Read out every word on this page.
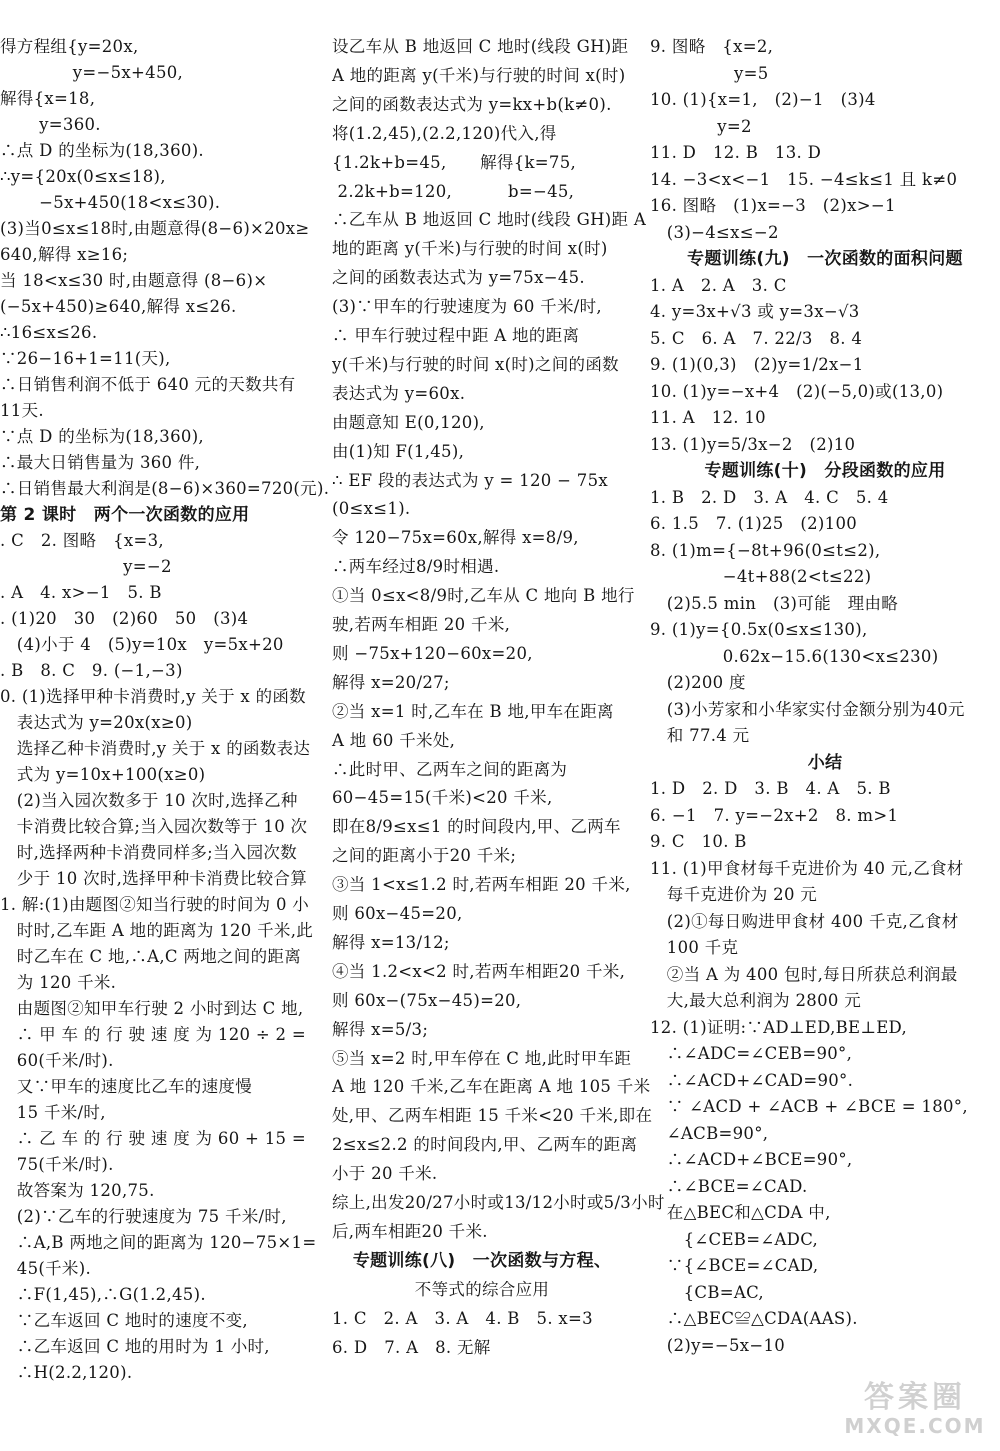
得方程组{y=20x,
　　　　 y=−5x+450,
解得{x=18,
　　 y=360.
∴点 D 的坐标为(18,360).
∴y={20x(0≤x≤18),
　　 −5x+450(18<x≤30).
(3)当0≤x≤18时,由题意得(8−6)×20x≥
640,解得 x≥16;
当 18<x≤30 时,由题意得 (8−6)×
(−5x+450)≥640,解得 x≤26.
∴16≤x≤26.
∵26−16+1=11(天),
∴日销售利润不低于 640 元的天数共有
11天.
∵点 D 的坐标为(18,360),
∴最大日销售量为 360 件,
∴日销售最大利润是(8−6)×360=720(元).
第 2 课时　两个一次函数的应用
. C　2. 图略　{x=3,
　　　　　　　 y=−2
. A　4. x>−1　5. B
. (1)20　30　(2)60　50　(3)4
　(4)小于 4　(5)y=10x　y=5x+20
. B　8. C　9. (−1,−3)
0. (1)选择甲种卡消费时,y 关于 x 的函数
　表达式为 y=20x(x≥0)
　选择乙种卡消费时,y 关于 x 的函数表达
　式为 y=10x+100(x≥0)
　(2)当入园次数多于 10 次时,选择乙种
　卡消费比较合算;当入园次数等于 10 次
　时,选择两种卡消费同样多;当入园次数
　少于 10 次时,选择甲种卡消费比较合算
1. 解:(1)由题图②知当行驶的时间为 0 小
　时时,乙车距 A 地的距离为 120 千米,此
　时乙车在 C 地,∴A,C 两地之间的距离
　为 120 千米.
　由题图②知甲车行驶 2 小时到达 C 地,
　∴ 甲 车 的 行 驶 速 度 为 120 ÷ 2 =
　60(千米/时).
　又∵甲车的速度比乙车的速度慢
　15 千米/时,
　∴ 乙 车 的 行 驶 速 度 为 60 + 15 =
　75(千米/时).
　故答案为 120,75.
　(2)∵乙车的行驶速度为 75 千米/时,
　∴A,B 两地之间的距离为 120−75×1=
　45(千米).
　∴F(1,45),∴G(1.2,45).
　∵乙车返回 C 地时的速度不变,
　∴乙车返回 C 地的用时为 1 小时,
　∴H(2.2,120).
设乙车从 B 地返回 C 地时(线段 GH)距
A 地的距离 y(千米)与行驶的时间 x(时)
之间的函数表达式为 y=kx+b(k≠0).
将(1.2,45),(2.2,120)代入,得
{1.2k+b=45,　　解得{k=75,
2.2k+b=120,　　　 b=−45,
∴乙车从 B 地返回 C 地时(线段 GH)距 A
地的距离 y(千米)与行驶的时间 x(时)
之间的函数表达式为 y=75x−45.
(3)∵甲车的行驶速度为 60 千米/时,
∴ 甲车行驶过程中距 A 地的距离
y(千米)与行驶的时间 x(时)之间的函数
表达式为 y=60x.
由题意知 E(0,120),
由(1)知 F(1,45),
∴ EF 段的表达式为 y = 120 − 75x
(0≤x≤1).
令 120−75x=60x,解得 x=8/9,
∴两车经过8/9时相遇.
①当 0≤x<8/9时,乙车从 C 地向 B 地行
驶,若两车相距 20 千米,
则 −75x+120−60x=20,
解得 x=20/27;
②当 x=1 时,乙车在 B 地,甲车在距离
A 地 60 千米处,
∴此时甲、乙两车之间的距离为
60−45=15(千米)<20 千米,
即在8/9≤x≤1 的时间段内,甲、乙两车
之间的距离小于20 千米;
③当 1<x≤1.2 时,若两车相距 20 千米,
则 60x−45=20,
解得 x=13/12;
④当 1.2<x<2 时,若两车相距20 千米,
则 60x−(75x−45)=20,
解得 x=5/3;
⑤当 x=2 时,甲车停在 C 地,此时甲车距
A 地 120 千米,乙车在距离 A 地 105 千米
处,甲、乙两车相距 15 千米<20 千米,即在
2≤x≤2.2 的时间段内,甲、乙两车的距离
小于 20 千米.
综上,出发20/27小时或13/12小时或5/3小时
后,两车相距20 千米.
专题训练(八)　一次函数与方程、
不等式的综合应用
1. C　2. A　3. A　4. B　5. x=3
6. D　7. A　8. 无解
9. 图略　{x=2,
　　　　　y=5
10. (1){x=1,　(2)−1　(3)4
　　　　y=2
11. D　12. B　13. D
14. −3<x<−1　15. −4≤k≤1 且 k≠0
16. 图略　(1)x=−3　(2)x>−1
　(3)−4≤x≤−2
专题训练(九)　一次函数的面积问题
1. A　2. A　3. C
4. y=3x+√3 或 y=3x−√3
5. C　6. A　7. 22/3　8. 4
9. (1)(0,3)　(2)y=1/2x−1
10. (1)y=−x+4　(2)(−5,0)或(13,0)
11. A　12. 10
13. (1)y=5/3x−2　(2)10
专题训练(十)　分段函数的应用
1. B　2. D　3. A　4. C　5. 4
6. 1.5　7. (1)25　(2)100
8. (1)m={−8t+96(0≤t≤2),
　　　　 −4t+88(2<t≤22)
　(2)5.5 min　(3)可能　理由略
9. (1)y={0.5x(0≤x≤130),
　　　　 0.62x−15.6(130<x≤230)
　(2)200 度
　(3)小芳家和小华家实付金额分别为40元
　和 77.4 元
小结
1. D　2. D　3. B　4. A　5. B
6. −1　7. y=−2x+2　8. m>1
9. C　10. B
11. (1)甲食材每千克进价为 40 元,乙食材
　每千克进价为 20 元
　(2)①每日购进甲食材 400 千克,乙食材
　100 千克
　②当 A 为 400 包时,每日所获总利润最
　大,最大总利润为 2800 元
12. (1)证明:∵AD⊥ED,BE⊥ED,
　∴∠ADC=∠CEB=90°,
　∴∠ACD+∠CAD=90°.
　∵ ∠ACD + ∠ACB + ∠BCE = 180°,
　∠ACB=90°,
　∴∠ACD+∠BCE=90°,
　∴∠BCE=∠CAD.
　在△BEC和△CDA 中,
　　{∠CEB=∠ADC,
　∵{∠BCE=∠CAD,
　　{CB=AC,
　∴△BEC≌△CDA(AAS).
　(2)y=−5x−10
答案圈
MXQE.COM
